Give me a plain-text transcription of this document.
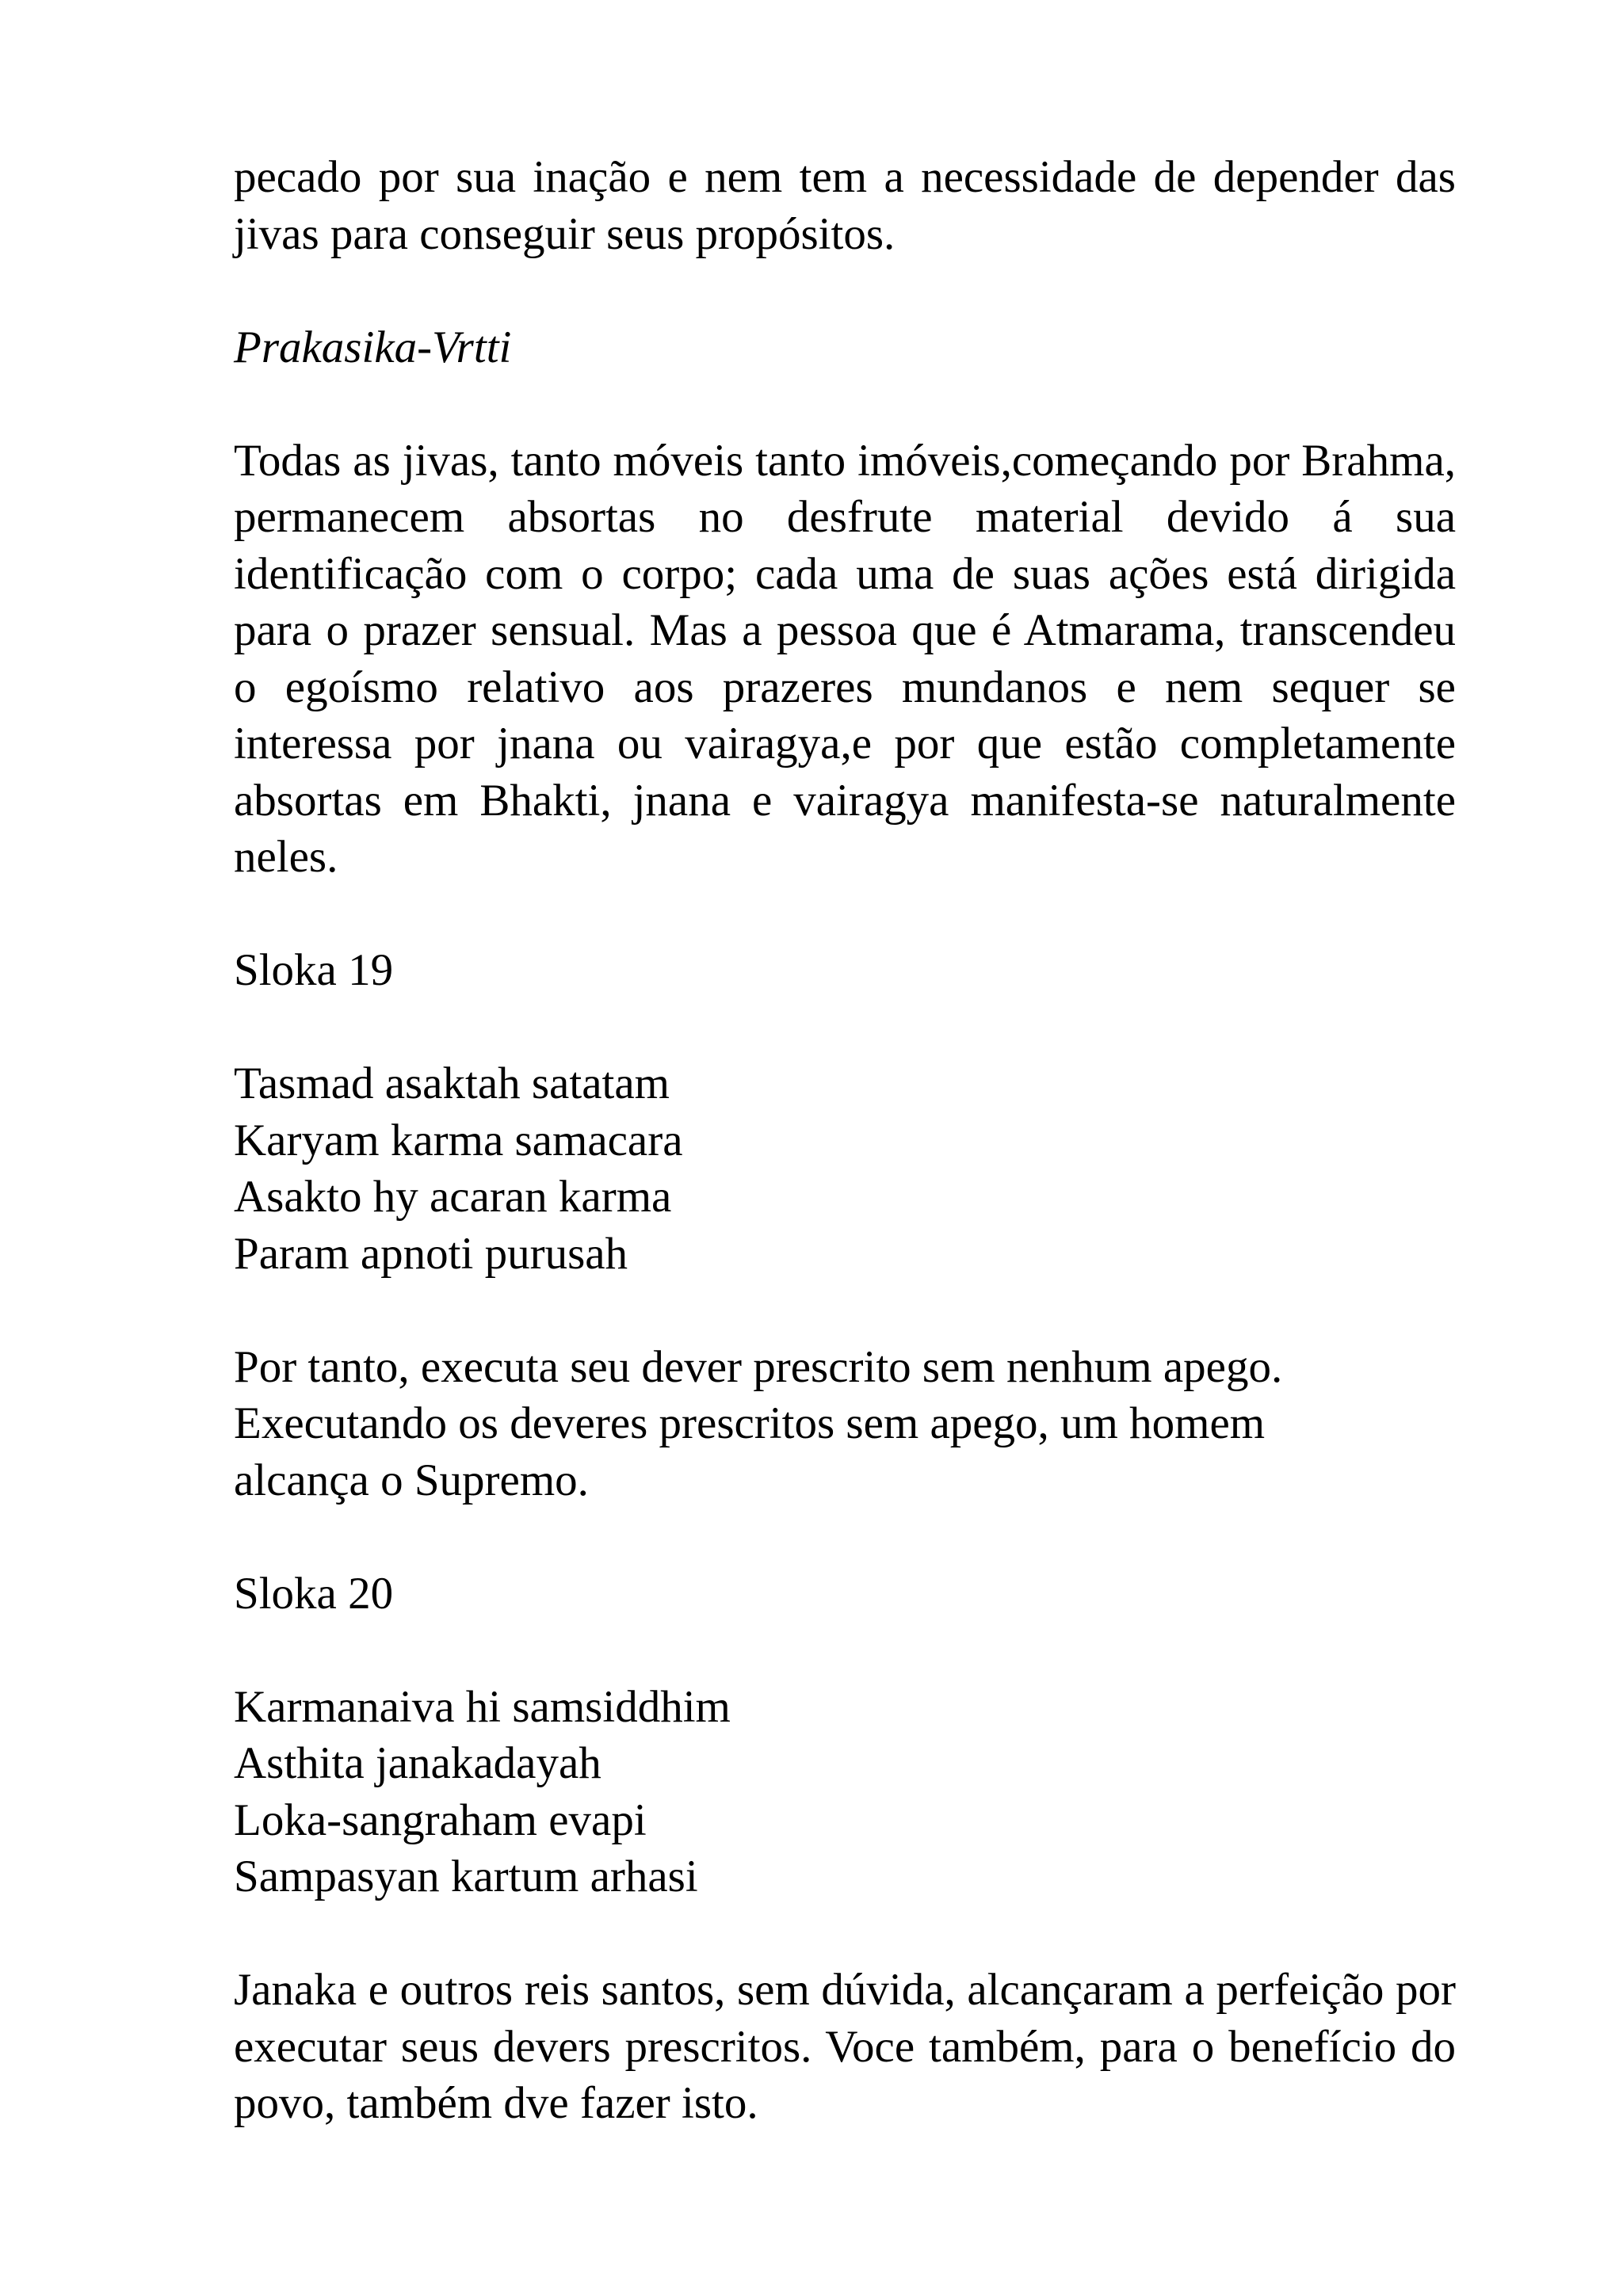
pecado por sua inação e nem tem a necessidade de depender das jivas para conseguir seus propósitos.

Prakasika-Vrtti

Todas as jivas, tanto móveis tanto imóveis,começando por Brahma, permanecem absortas no desfrute material devido á sua identificação com o corpo; cada uma de suas ações está dirigida para o prazer sensual. Mas a pessoa que é Atmarama, transcendeu o egoísmo relativo aos prazeres mundanos e nem sequer se interessa por jnana ou vairagya,e por que estão completamente absortas em Bhakti, jnana e vairagya manifesta-se naturalmente neles.

Sloka 19

Tasmad asaktah satatam
Karyam karma samacara
Asakto hy acaran karma
Param apnoti purusah

Por tanto, executa seu dever prescrito sem nenhum apego.
Executando os deveres prescritos sem apego, um homem
alcança o Supremo.

Sloka 20

Karmanaiva hi samsiddhim
Asthita janakadayah
Loka-sangraham evapi
Sampasyan kartum arhasi

Janaka e outros reis santos, sem dúvida, alcançaram a perfeição por executar seus devers prescritos. Voce também, para o benefício do povo, também dve fazer isto.
